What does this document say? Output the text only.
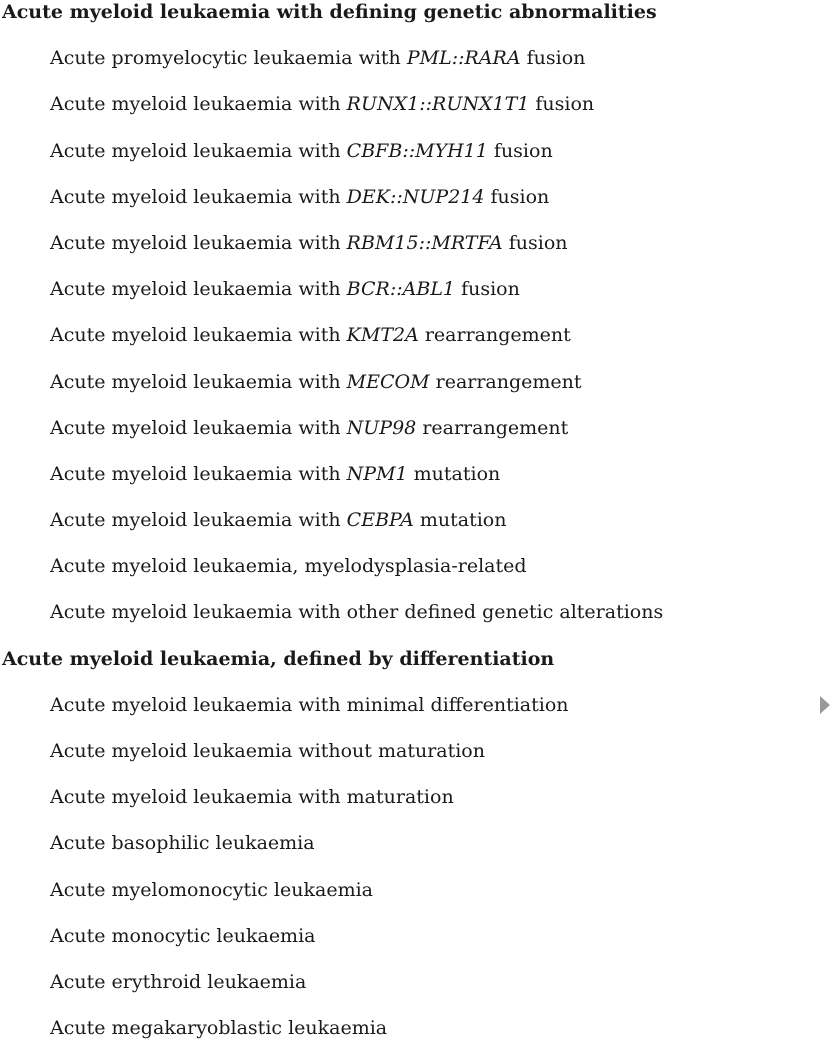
Acute myeloid leukaemia with defining genetic abnormalities
Acute promyelocytic leukaemia with PML::RARA fusion
Acute myeloid leukaemia with RUNX1::RUNX1T1 fusion
Acute myeloid leukaemia with CBFB::MYH11 fusion
Acute myeloid leukaemia with DEK::NUP214 fusion
Acute myeloid leukaemia with RBM15::MRTFA fusion
Acute myeloid leukaemia with BCR::ABL1 fusion
Acute myeloid leukaemia with KMT2A rearrangement
Acute myeloid leukaemia with MECOM rearrangement
Acute myeloid leukaemia with NUP98 rearrangement
Acute myeloid leukaemia with NPM1 mutation
Acute myeloid leukaemia with CEBPA mutation
Acute myeloid leukaemia, myelodysplasia-related
Acute myeloid leukaemia with other defined genetic alterations
Acute myeloid leukaemia, defined by differentiation
Acute myeloid leukaemia with minimal differentiation
Acute myeloid leukaemia without maturation
Acute myeloid leukaemia with maturation
Acute basophilic leukaemia
Acute myelomonocytic leukaemia
Acute monocytic leukaemia
Acute erythroid leukaemia
Acute megakaryoblastic leukaemia
